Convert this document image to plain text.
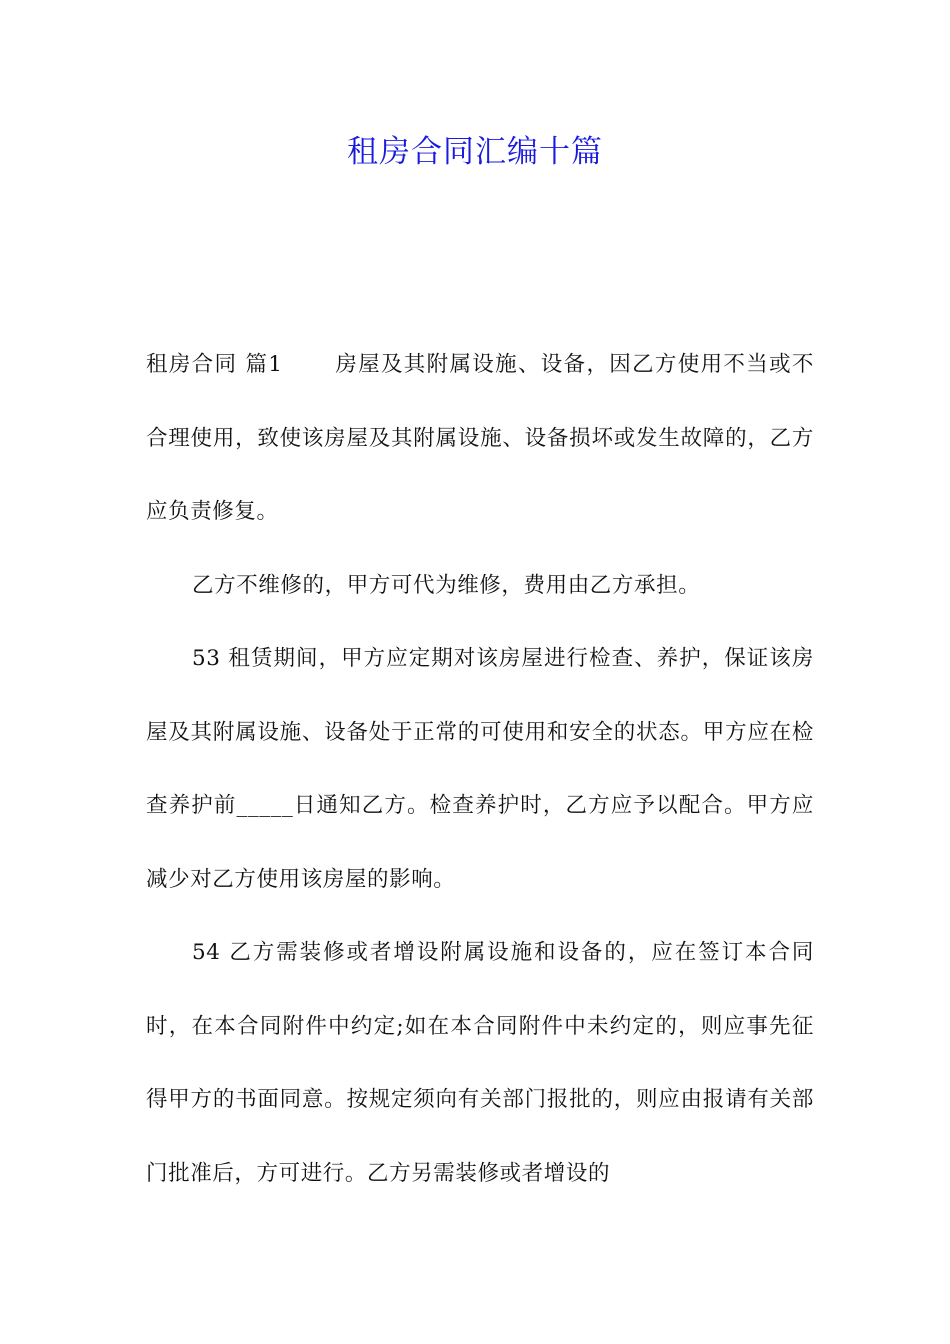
租房合同汇编十篇

租房合同 篇1 房屋及其附属设施、设备，因乙方使用不当或不合理使用，致使该房屋及其附属设施、设备损坏或发生故障的，乙方应负责修复。

乙方不维修的，甲方可代为维修，费用由乙方承担。

53 租赁期间，甲方应定期对该房屋进行检查、养护，保证该房屋及其附属设施、设备处于正常的可使用和安全的状态。甲方应在检查养护前_____日通知乙方。检查养护时，乙方应予以配合。甲方应减少对乙方使用该房屋的影响。

54 乙方需装修或者增设附属设施和设备的，应在签订本合同时，在本合同附件中约定;如在本合同附件中未约定的，则应事先征得甲方的书面同意。按规定须向有关部门报批的，则应由报请有关部门批准后，方可进行。乙方另需装修或者增设的
